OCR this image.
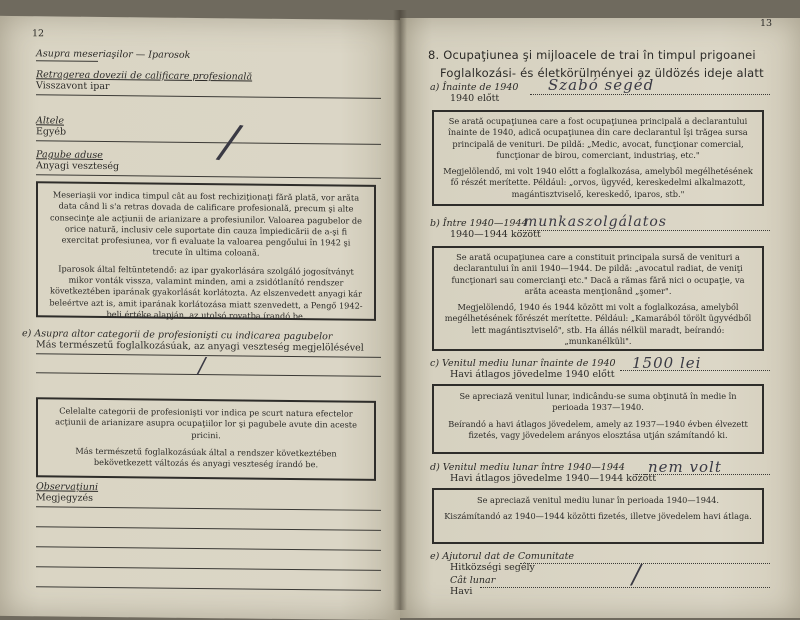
12
Asupra meseriaşilor — Iparosok
Retragerea dovezii de calificare profesională
Visszavont ipar
Altele
Egyéb
Pagube aduse
Anyagi veszteség /

Meseriaşii vor indica timpul cât au fost rechiziţionaţi fără plată, vor arăta data când li s'a retras dovada de calificare profesională, precum şi alte consecinţe ale acţiunii de arianizare a profesiunilor. Valoarea pagubelor de orice natură, inclusiv cele suportate din cauza împiedicării de a-şi fi exercitat profesiunea, vor fi evaluate la valoarea pengőului în 1942 şi trecute în ultima coloană.

Iparosok által feltüntetendő: az ipar gyakorlására szolgáló jogosítványt mikor vonták vissza, valamint minden, ami a zsidótlanító rendszer következtében iparának gyakorlását korlátozta. Az elszenvedett anyagi kár beleértve azt is, amit iparának korlátozása miatt szenvedett, a Pengő 1942-beli értéke alapján, az utolsó rovatba írandó be.

e) Asupra altor categorii de profesionişti cu indicarea pagubelor
Más természetű foglalkozásúak, az anyagi veszteség megjelölésével
/

Celelalte categorii de profesionişti vor indica pe scurt natura efectelor acţiunii de arianizare asupra ocupaţiilor lor şi pagubele avute din aceste pricini.

Más természetű foglalkozásúak által a rendszer következtében bekövetkezett változás és anyagi veszteség írandó be.

Observaţiuni
Megjegyzés
13
8. Ocupaţiunea şi mijloacele de trai în timpul prigoanei
Foglalkozási- és életkörülményei az üldözés ideje alatt
a) Înainte de 1940
1940 előtt
Szabó segéd

Se arată ocupaţiunea care a fost ocupaţiunea principală a declarantului înainte de 1940, adică ocupaţiunea din care declarantul îşi trăgea sursa principală de venituri. De pildă: „Medic, avocat, funcţionar comercial, funcţionar de birou, comerciant, industriaş, etc."

Megjelölendő, mi volt 1940 előtt a foglalkozása, amelyből megélhetésének fő részét merítette. Például: „orvos, ügyvéd, kereskedelmi alkalmazott, magántisztviselő, kereskedő, iparos, stb."

b) Între 1940—1944
1940—1944 között
munkaszolgálatos

Se arată ocupaţiunea care a constituit principala sursă de venituri a declarantului în anii 1940—1944. De pildă: „avocatul radiat, de veniţi funcţionari sau comercianţi etc." Dacă a rămas fără nici o ocupaţie, va arăta aceasta menţionând „şomer".

Megjelölendő, 1940 és 1944 között mi volt a foglalkozása, amelyből megélhetésének főrészét merítette. Például: „Kamarából törölt ügyvédből lett magántisztviselő", stb. Ha állás nélkül maradt, beírandó: „munkanélküli".

c) Venitul mediu lunar înainte de 1940
Havi átlagos jövedelme 1940 előtt
1500 lei

Se apreciază venitul lunar, indicându-se suma obţinută în medie în perioada 1937—1940.

Beírandó a havi átlagos jövedelem, amely az 1937—1940 évben élvezett fizetés, vagy jövedelem arányos elosztása utján számítandó ki.

d) Venitul mediu lunar între 1940—1944
Havi átlagos jövedelme 1940—1944 között
nem volt

Se apreciază venitul mediu lunar în perioada 1940—1944.

Kiszámítandó az 1940—1944 közötti fizetés, illetve jövedelem havi átlaga.

e) Ajutorul dat de Comunitate
Hitközségi segély
Cât lunar
Havi
/
